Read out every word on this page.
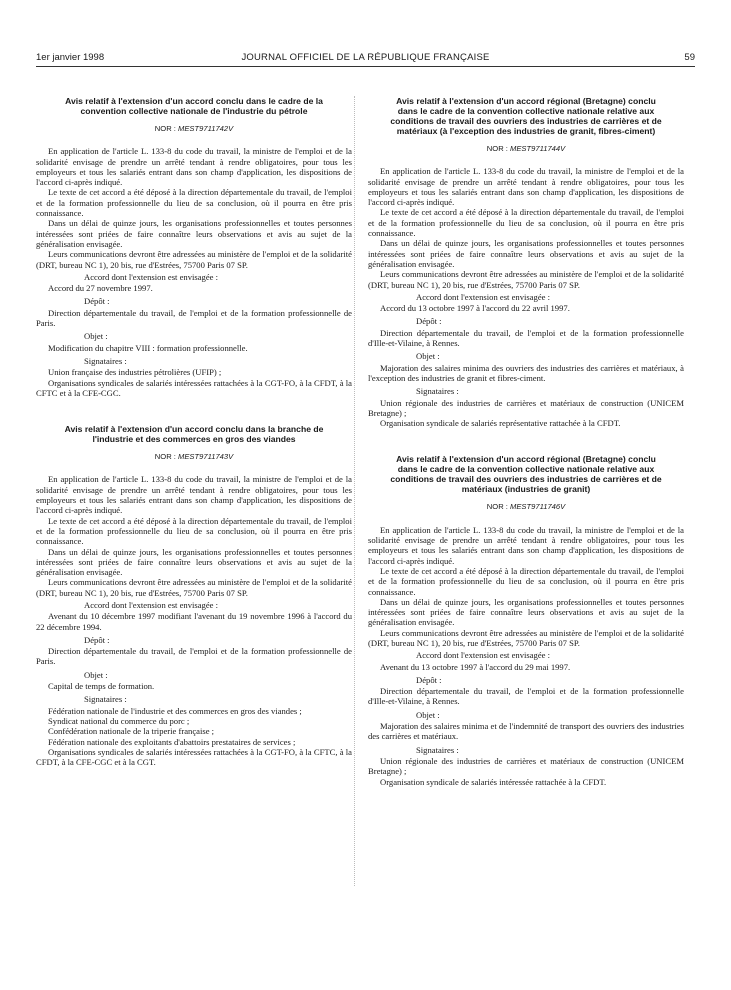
1er janvier 1998	JOURNAL OFFICIEL DE LA RÉPUBLIQUE FRANÇAISE	59
Avis relatif à l'extension d'un accord conclu dans le cadre de la convention collective nationale de l'industrie du pétrole
NOR : MEST9711742V

En application de l'article L. 133-8 du code du travail, la ministre de l'emploi et de la solidarité envisage de prendre un arrêté tendant à rendre obligatoires, pour tous les employeurs et tous les salariés entrant dans son champ d'application, les dispositions de l'accord ci-après indiqué.

Le texte de cet accord a été déposé à la direction départementale du travail, de l'emploi et de la formation professionnelle du lieu de sa conclusion, où il pourra en être pris connaissance.

Dans un délai de quinze jours, les organisations professionnelles et toutes personnes intéressées sont priées de faire connaître leurs observations et avis au sujet de la généralisation envisagée.

Leurs communications devront être adressées au ministère de l'emploi et de la solidarité (DRT, bureau NC 1), 20 bis, rue d'Estrées, 75700 Paris 07 SP.

Accord dont l'extension est envisagée :

Accord du 27 novembre 1997.

Dépôt :

Direction départementale du travail, de l'emploi et de la formation professionnelle de Paris.

Objet :

Modification du chapitre VIII : formation professionnelle.

Signataires :

Union française des industries pétrolières (UFIP) ;

Organisations syndicales de salariés intéressées rattachées à la CGT-FO, à la CFDT, à la CFTC et à la CFE-CGC.

Avis relatif à l'extension d'un accord conclu dans la branche de l'industrie et des commerces en gros des viandes
NOR : MEST9711743V

En application de l'article L. 133-8 du code du travail, la ministre de l'emploi et de la solidarité envisage de prendre un arrêté tendant à rendre obligatoires, pour tous les employeurs et tous les salariés entrant dans son champ d'application, les dispositions de l'accord ci-après indiqué.

Le texte de cet accord a été déposé à la direction départementale du travail, de l'emploi et de la formation professionnelle du lieu de sa conclusion, où il pourra en être pris connaissance.

Dans un délai de quinze jours, les organisations professionnelles et toutes personnes intéressées sont priées de faire connaître leurs observations et avis au sujet de la généralisation envisagée.

Leurs communications devront être adressées au ministère de l'emploi et de la solidarité (DRT, bureau NC 1), 20 bis, rue d'Estrées, 75700 Paris 07 SP.

Accord dont l'extension est envisagée :

Avenant du 10 décembre 1997 modifiant l'avenant du 19 novembre 1996 à l'accord du 22 décembre 1994.

Dépôt :

Direction départementale du travail, de l'emploi et de la formation professionnelle de Paris.

Objet :

Capital de temps de formation.

Signataires :

Fédération nationale de l'industrie et des commerces en gros des viandes ;

Syndicat national du commerce du porc ;

Confédération nationale de la triperie française ;

Fédération nationale des exploitants d'abattoirs prestataires de services ;

Organisations syndicales de salariés intéressées rattachées à la CGT-FO, à la CFTC, à la CFDT, à la CFE-CGC et à la CGT.

Avis relatif à l'extension d'un accord régional (Bretagne) conclu dans le cadre de la convention collective nationale relative aux conditions de travail des ouvriers des industries de carrières et de matériaux (à l'exception des industries de granit, fibres-ciment)
NOR : MEST9711744V

En application de l'article L. 133-8 du code du travail, la ministre de l'emploi et de la solidarité envisage de prendre un arrêté tendant à rendre obligatoires, pour tous les employeurs et tous les salariés entrant dans son champ d'application, les dispositions de l'accord ci-après indiqué.

Le texte de cet accord a été déposé à la direction départementale du travail, de l'emploi et de la formation professionnelle du lieu de sa conclusion, où il pourra en être pris connaissance.

Dans un délai de quinze jours, les organisations professionnelles et toutes personnes intéressées sont priées de faire connaître leurs observations et avis au sujet de la généralisation envisagée.

Leurs communications devront être adressées au ministère de l'emploi et de la solidarité (DRT, bureau NC 1), 20 bis, rue d'Estrées, 75700 Paris 07 SP.

Accord dont l'extension est envisagée :

Accord du 13 octobre 1997 à l'accord du 22 avril 1997.

Dépôt :

Direction départementale du travail, de l'emploi et de la formation professionnelle d'Ille-et-Vilaine, à Rennes.

Objet :

Majoration des salaires minima des ouvriers des industries des carrières et matériaux, à l'exception des industries de granit et fibres-ciment.

Signataires :

Union régionale des industries de carrières et matériaux de construction (UNICEM Bretagne) ;

Organisation syndicale de salariés représentative rattachée à la CFDT.

Avis relatif à l'extension d'un accord régional (Bretagne) conclu dans le cadre de la convention collective nationale relative aux conditions de travail des ouvriers des industries de carrières et de matériaux (industries de granit)
NOR : MEST9711746V

En application de l'article L. 133-8 du code du travail, la ministre de l'emploi et de la solidarité envisage de prendre un arrêté tendant à rendre obligatoires, pour tous les employeurs et tous les salariés entrant dans son champ d'application, les dispositions de l'accord ci-après indiqué.

Le texte de cet accord a été déposé à la direction départementale du travail, de l'emploi et de la formation professionnelle du lieu de sa conclusion, où il pourra en être pris connaissance.

Dans un délai de quinze jours, les organisations professionnelles et toutes personnes intéressées sont priées de faire connaître leurs observations et avis au sujet de la généralisation envisagée.

Leurs communications devront être adressées au ministère de l'emploi et de la solidarité (DRT, bureau NC 1), 20 bis, rue d'Estrées, 75700 Paris 07 SP.

Accord dont l'extension est envisagée :

Avenant du 13 octobre 1997 à l'accord du 29 mai 1997.

Dépôt :

Direction départementale du travail, de l'emploi et de la formation professionnelle d'Ille-et-Vilaine, à Rennes.

Objet :

Majoration des salaires minima et de l'indemnité de transport des ouvriers des industries des carrières et matériaux.

Signataires :

Union régionale des industries de carrières et matériaux de construction (UNICEM Bretagne) ;

Organisation syndicale de salariés intéressée rattachée à la CFDT.
